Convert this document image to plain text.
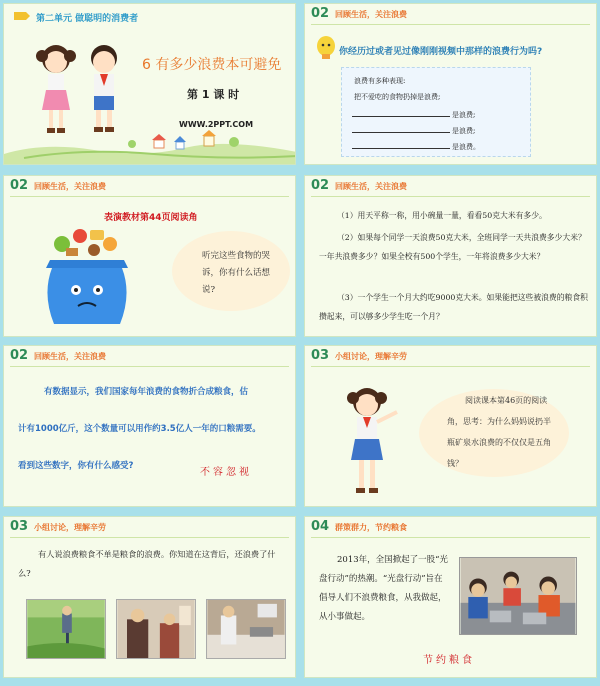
第二单元 做聪明的消费者
6 有多少浪费本可避免
第 1 课 时
WWW.2PPT.COM
02 回顾生活，关注浪费
你经历过或者见过像刚刚视频中那样的浪费行为吗?
浪费有多种表现:
把不爱吃的食物扔掉是浪费;
是浪费;
是浪费;
是浪费。
02 回顾生活，关注浪费
表演教材第44页阅读角
听完这些食物的哭诉，你有什么话想说?
02 回顾生活，关注浪费
（1）用天平称一称，用小碗量一量，看看50克大米有多少。
（2）如果每个同学一天浪费50克大米，全班同学一天共浪费多少大米？一年共浪费多少？如果全校有500个学生，一年将浪费多少大米？
（3）一个学生一个月大约吃9000克大米。如果能把这些被浪费的粮食积攒起来，可以够多少学生吃一个月？
02 回顾生活，关注浪费
有数据显示，我们国家每年浪费的食物折合成粮食，估
计有1000亿斤，这个数量可以用作约3.5亿人一年的口粮需要。
看到这些数字，你有什么感受?
不容忽视
03 小组讨论，理解辛劳
阅读课本第46页的阅读角，思考：为什么妈妈说扔半瓶矿泉水浪费的不仅仅是五角钱？
03 小组讨论，理解辛劳
有人说浪费粮食不单是粮食的浪费。你知道在这背后，还浪费了什么?
04 群策群力，节约粮食
2013年，全国掀起了一股“光盘行动”的热潮。“光盘行动”旨在倡导人们不浪费粮食，从我做起，从小事做起。
节约粮食
